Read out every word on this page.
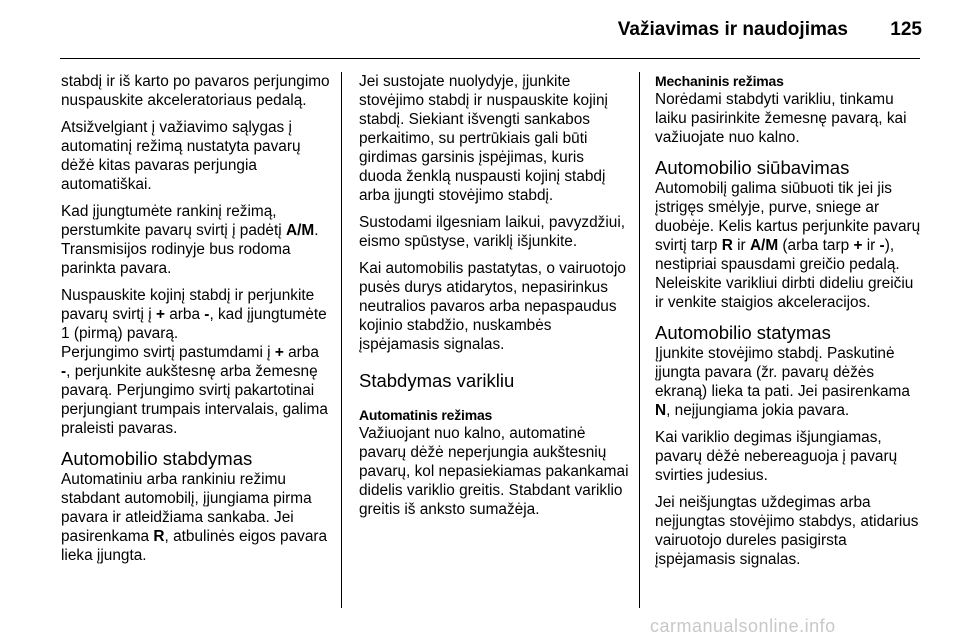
Važiavimas ir naudojimas 125

stabdį ir iš karto po pavaros perjungimo nuspauskite akceleratoriaus pedalą.

Atsižvelgiant į važiavimo sąlygas į automatinį režimą nustatyta pavarų dėžė kitas pavaras perjungia automatiškai.

Kad įjungtumėte rankinį režimą, perstumkite pavarų svirtį į padėtį A/M. Transmisijos rodinyje bus rodoma parinkta pavara.

Nuspauskite kojinį stabdį ir perjunkite pavarų svirtį į + arba -, kad įjungtumėte 1 (pirmą) pavarą.

Perjungimo svirtį pastumdami į + arba -, perjunkite aukštesnę arba žemesnę pavarą. Perjungimo svirtį pakartotinai perjungiant trumpais intervalais, galima praleisti pavaras.

Automobilio stabdymas

Automatiniu arba rankiniu režimu stabdant automobilį, įjungiama pirma pavara ir atleidžiama sankaba. Jei pasirenkama R, atbulinės eigos pavara lieka įjungta.

Jei sustojate nuolydyje, įjunkite stovėjimo stabdį ir nuspauskite kojinį stabdį. Siekiant išvengti sankabos perkaitimo, su pertrūkiais gali būti girdimas garsinis įspėjimas, kuris duoda ženklą nuspausti kojinį stabdį arba įjungti stovėjimo stabdį.

Sustodami ilgesniam laikui, pavyzdžiui, eismo spūstyse, variklį išjunkite.

Kai automobilis pastatytas, o vairuotojo pusės durys atidarytos, nepasirinkus neutralios pavaros arba nepaspaudus kojinio stabdžio, nuskambės įspėjamasis signalas.

Stabdymas varikliu
Automatinis režimas

Važiuojant nuo kalno, automatinė pavarų dėžė neperjungia aukštesnių pavarų, kol nepasiekiamas pakankamai didelis variklio greitis. Stabdant variklio greitis iš anksto sumažėja.

Mechaninis režimas

Norėdami stabdyti varikliu, tinkamu laiku pasirinkite žemesnę pavarą, kai važiuojate nuo kalno.

Automobilio siūbavimas

Automobilį galima siūbuoti tik jei jis įstrigęs smėlyje, purve, sniege ar duobėje. Kelis kartus perjunkite pavarų svirtį tarp R ir A/M (arba tarp + ir -), nestipriai spausdami greičio pedalą. Neleiskite varikliui dirbti dideliu greičiu ir venkite staigios akceleracijos.

Automobilio statymas

Įjunkite stovėjimo stabdį. Paskutinė įjungta pavara (žr. pavarų dėžės ekraną) lieka ta pati. Jei pasirenkama N, neįjungiama jokia pavara.

Kai variklio degimas išjungiamas, pavarų dėžė nebereaguoja į pavarų svirties judesius.

Jei neišjungtas uždegimas arba neįjungtas stovėjimo stabdys, atidarius vairuotojo dureles pasigirsta įspėjamasis signalas.

carmanualsonline.info
